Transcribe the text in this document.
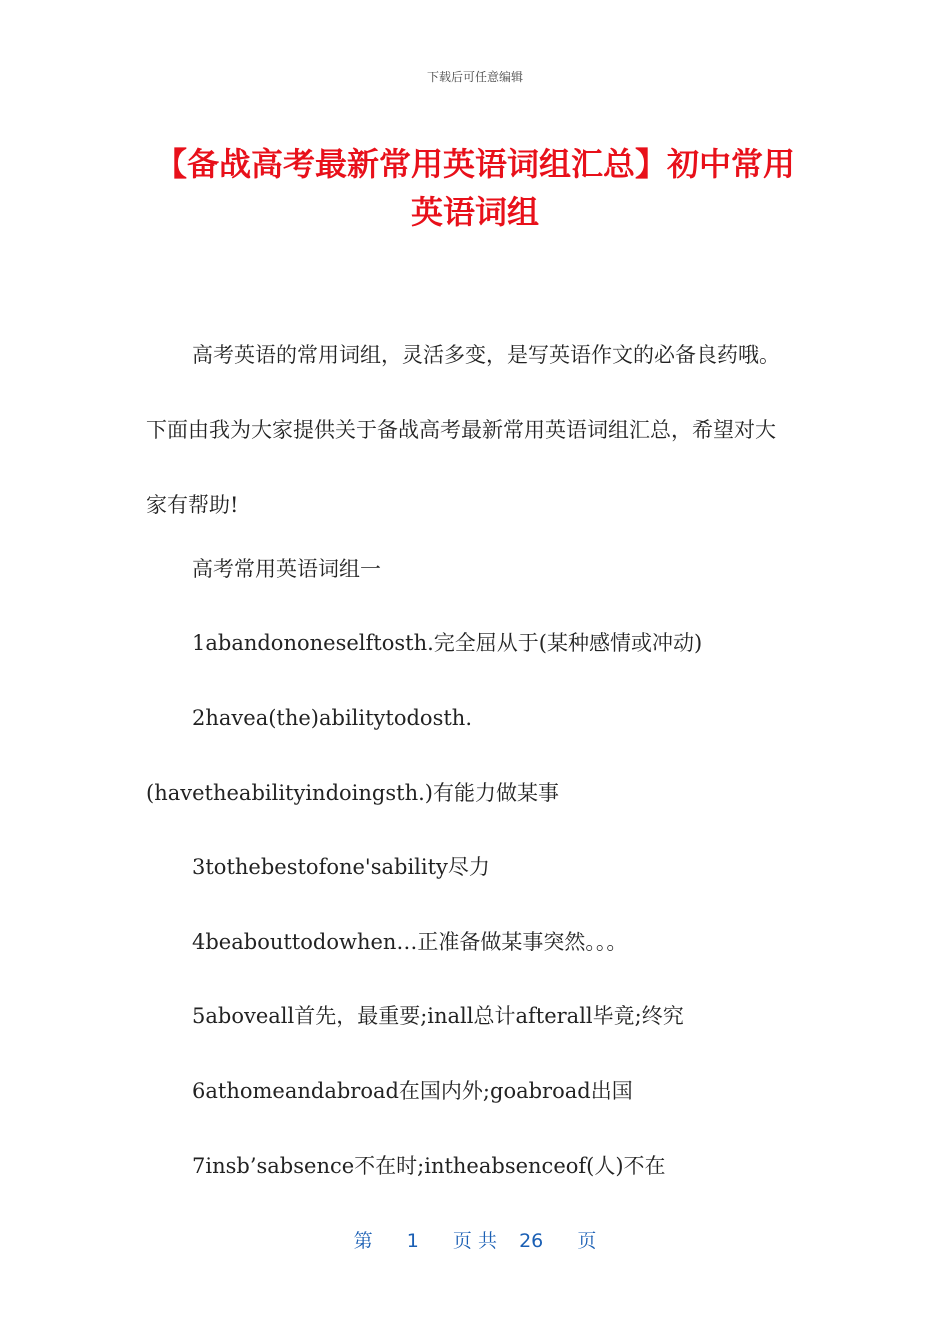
下载后可任意编辑
【备战高考最新常用英语词组汇总】初中常用英语词组
高考英语的常用词组，灵活多变，是写英语作文的必备良药哦。下面由我为大家提供关于备战高考最新常用英语词组汇总，希望对大家有帮助!
高考常用英语词组一
1abandononeselftosth.完全屈从于(某种感情或冲动)
2havea(the)abilitytodosth.
(havetheabilityindoingsth.)有能力做某事
3tothebestofone'sability尽力
4beabouttodowhen…正准备做某事突然。。。
5aboveall首先，最重要;inall总计afterall毕竟;终究
6athomeandabroad在国内外;goabroad出国
7insb’sabsence不在时;intheabsenceof(人)不在
第 1 页 共 26 页
